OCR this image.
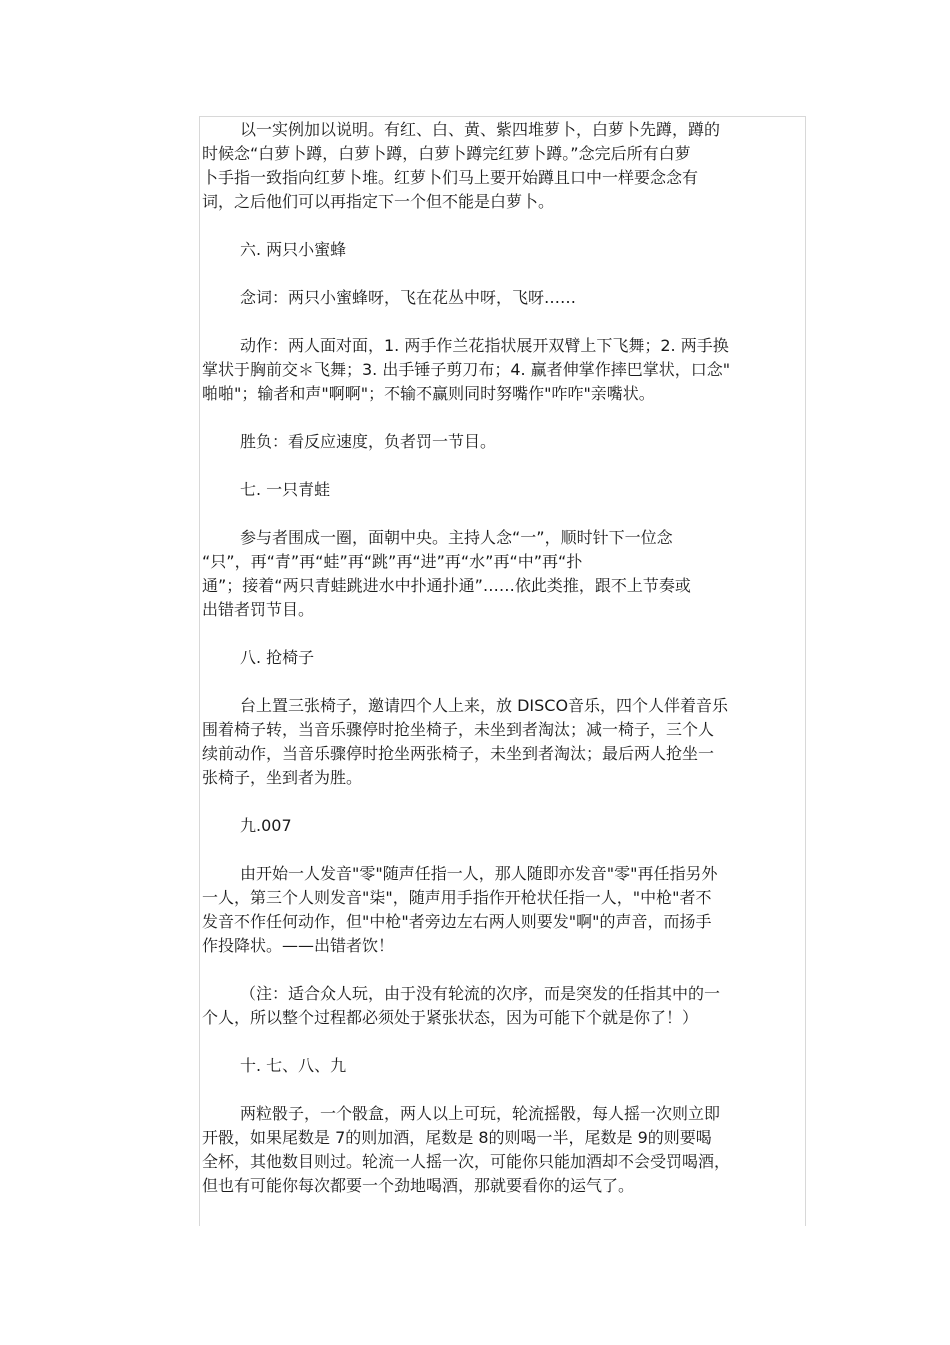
以一实例加以说明。有红、白、黄、紫四堆萝卜，白萝卜先蹲，蹲的

时候念“白萝卜蹲，白萝卜蹲，白萝卜蹲完红萝卜蹲。”念完后所有白萝

卜手指一致指向红萝卜堆。红萝卜们马上要开始蹲且口中一样要念念有

词，之后他们可以再指定下一个但不能是白萝卜。

六. 两只小蜜蜂

念词：两只小蜜蜂呀，飞在花丛中呀，飞呀……

动作：两人面对面，1. 两手作兰花指状展开双臂上下飞舞；2. 两手换

掌状于胸前交＊飞舞；3. 出手锤子剪刀布；4. 赢者伸掌作摔巴掌状，口念"

啪啪"；输者和声"啊啊"；不输不赢则同时努嘴作"咋咋"亲嘴状。

胜负：看反应速度，负者罚一节目。

七. 一只青蛙

参与者围成一圈，面朝中央。主持人念“一”，顺时针下一位念

“只”，再“青”再“蛙”再“跳”再“进”再“水”再“中”再“扑

通”；接着“两只青蛙跳进水中扑通扑通”……依此类推，跟不上节奏或

出错者罚节目。

八. 抢椅子

台上置三张椅子，邀请四个人上来，放 DISCO音乐，四个人伴着音乐

围着椅子转，当音乐骤停时抢坐椅子，未坐到者淘汰；减一椅子，三个人

续前动作，当音乐骤停时抢坐两张椅子，未坐到者淘汰；最后两人抢坐一

张椅子，坐到者为胜。

九.007

由开始一人发音"零"随声任指一人，那人随即亦发音"零"再任指另外

一人，第三个人则发音"柒"，随声用手指作开枪状任指一人，"中枪"者不

发音不作任何动作，但"中枪"者旁边左右两人则要发"啊"的声音，而扬手

作投降状。——出错者饮！

（注：适合众人玩，由于没有轮流的次序，而是突发的任指其中的一

个人，所以整个过程都必须处于紧张状态，因为可能下个就是你了！）

十. 七、八、九

两粒骰子，一个骰盒，两人以上可玩，轮流摇骰，每人摇一次则立即

开骰，如果尾数是 7的则加酒，尾数是 8的则喝一半，尾数是 9的则要喝

全杯，其他数目则过。轮流一人摇一次，可能你只能加酒却不会受罚喝酒，

但也有可能你每次都要一个劲地喝酒，那就要看你的运气了。
